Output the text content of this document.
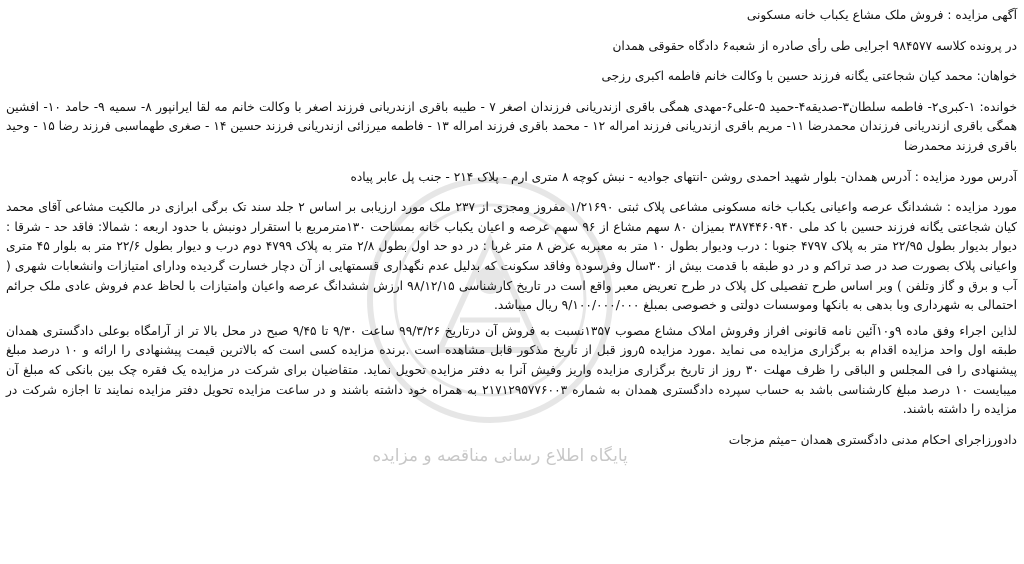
پایگاه اطلاع رسانی مناقصه و مزایده

آگهی مزایده : فروش ملک مشاع یکباب خانه مسکونی

در پرونده کلاسه ۹۸۴۵۷۷ اجرایی طی رأی صادره از شعبه۶ دادگاه حقوقی همدان

خواهان: محمد کیان شجاعتی یگانه فرزند حسین با وکالت خانم فاطمه اکبری رزجی

خوانده: ۱-کبری۲- فاطمه سلطان۳-صدیقه۴-حمید ۵-علی۶-مهدی همگی باقری ازندریانی فرزندان اصغر ۷ - طیبه باقری ازندریانی فرزند اصغر با وکالت خانم مه لقا ایرانپور ۸- سمیه ۹- حامد ۱۰- افشین همگی باقری ازندریانی فرزندان محمدرضا ۱۱- مریم باقری ازندریانی فرزند امراله ۱۲ - محمد باقری فرزند امراله ۱۳ - فاطمه میرزائی ازندریانی فرزند حسین ۱۴ - صغری طهماسبی فرزند رضا ۱۵ - وحید باقری فرزند محمدرضا

آدرس مورد مزایده : آدرس همدان- بلوار شهید احمدی روشن -انتهای جوادیه - نبش کوچه ۸ متری ارم - پلاک ۲۱۴ - جنب پل عابر پیاده

مورد مزایده : ششدانگ عرصه واعیانی یکباب خانه مسکونی مشاعی پلاک ثبتی ۱/۲۱۶۹۰ مفروز ومجزی از ۲۳۷ ملک مورد ارزیابی بر اساس ۲ جلد سند تک برگی ابرازی در مالکیت مشاعی آقای محمد کیان شجاعتی یگانه فرزند حسین با کد ملی ۳۸۷۴۴۶۰۹۴۰ بمیزان ۸۰ سهم مشاع از ۹۶ سهم عرصه و اعیان یکباب خانه بمساحت ۱۳۰مترمربع با استقرار دونبش با حدود اربعه : شمالا: فاقد حد - شرقا : دیوار بدیوار بطول ۲۲/۹۵ متر به پلاک ۴۷۹۷ جنوبا : درب ودیوار بطول ۱۰ متر به معبربه عرض ۸ متر غربا : در دو حد اول بطول ۲/۸ متر به پلاک ۴۷۹۹ دوم درب و دیوار بطول ۲۲/۶ متر به بلوار ۴۵ متری واعیانی پلاک بصورت صد در صد تراکم و در دو طبقه با قدمت بیش از ۳۰سال وفرسوده وفاقد سکونت که بدلیل عدم نگهداری قسمتهایی از آن دچار خسارت گردیده ودارای امتیازات وانشعابات شهری ( آب و برق و گاز وتلفن ) وبر اساس طرح تفصیلی کل پلاک در طرح تعریض معبر واقع است در تاریخ کارشناسی ۹۸/۱۲/۱۵ ارزش ششدانگ عرصه واعیان وامتیازات با لحاظ عدم فروش عادی ملک جرائم احتمالی به شهرداری وبا بدهی به بانکها وموسسات دولتی و خصوصی بمبلغ ۹/۱۰۰/۰۰۰/۰۰۰ ریال میباشد.

لذاین اجراء وفق ماده ۹و۱۰آئین نامه قانونی افراز وفروش املاک مشاع مصوب ۱۳۵۷نسبت به فروش آن درتاریخ ۹۹/۳/۲۶ ساعت ۹/۳۰ تا ۹/۴۵ صبح در محل بالا تر از آرامگاه بوعلی دادگستری همدان طبقه اول واحد مزایده اقدام به برگزاری مزایده می نماید .مورد مزایده ۵روز قبل از تاریخ مذکور قابل مشاهده است .برنده مزایده کسی است که بالاترین قیمت پیشنهادی را ارائه و ۱۰ درصد مبلغ پیشنهادی را فی المجلس و الباقی را ظرف مهلت ۳۰ روز از تاریخ برگزاری مزایده واریز وفیش آنرا به دفتر مزایده تحویل نماید. متقاضیان برای شرکت در مزایده یک فقره چک بین بانکی که مبلغ آن میبایست ۱۰ درصد مبلغ کارشناسی باشد به حساب سپرده دادگستری همدان به شماره ۲۱۷۱۲۹۵۷۷۶۰۰۳ به همراه خود داشته باشند و در ساعت مزایده تحویل دفتر مزایده نمایند تا اجازه شرکت در مزایده را داشته باشند.

دادورزاجرای احکام مدنی دادگستری همدان –میثم مزجات
